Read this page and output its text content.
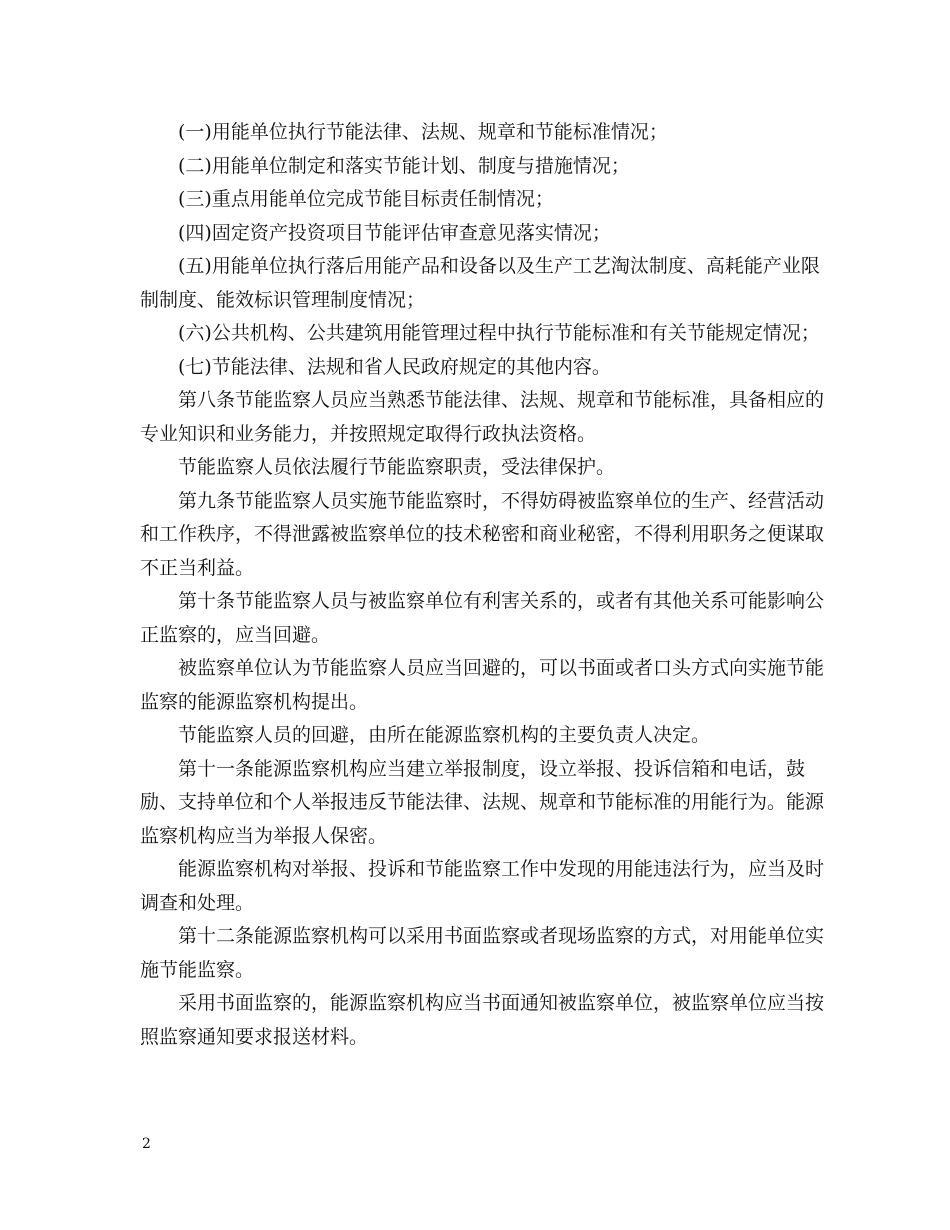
(一)用能单位执行节能法律、法规、规章和节能标准情况；

(二)用能单位制定和落实节能计划、制度与措施情况；

(三)重点用能单位完成节能目标责任制情况；

(四)固定资产投资项目节能评估审查意见落实情况；

(五)用能单位执行落后用能产品和设备以及生产工艺淘汰制度、高耗能产业限制制度、能效标识管理制度情况；

(六)公共机构、公共建筑用能管理过程中执行节能标准和有关节能规定情况；

(七)节能法律、法规和省人民政府规定的其他内容。

第八条节能监察人员应当熟悉节能法律、法规、规章和节能标准，具备相应的专业知识和业务能力，并按照规定取得行政执法资格。

节能监察人员依法履行节能监察职责，受法律保护。

第九条节能监察人员实施节能监察时，不得妨碍被监察单位的生产、经营活动和工作秩序，不得泄露被监察单位的技术秘密和商业秘密，不得利用职务之便谋取不正当利益。

第十条节能监察人员与被监察单位有利害关系的，或者有其他关系可能影响公正监察的，应当回避。

被监察单位认为节能监察人员应当回避的，可以书面或者口头方式向实施节能监察的能源监察机构提出。

节能监察人员的回避，由所在能源监察机构的主要负责人决定。

第十一条能源监察机构应当建立举报制度，设立举报、投诉信箱和电话，鼓励、支持单位和个人举报违反节能法律、法规、规章和节能标准的用能行为。能源监察机构应当为举报人保密。

能源监察机构对举报、投诉和节能监察工作中发现的用能违法行为，应当及时调查和处理。

第十二条能源监察机构可以采用书面监察或者现场监察的方式，对用能单位实施节能监察。

采用书面监察的，能源监察机构应当书面通知被监察单位，被监察单位应当按照监察通知要求报送材料。

2
